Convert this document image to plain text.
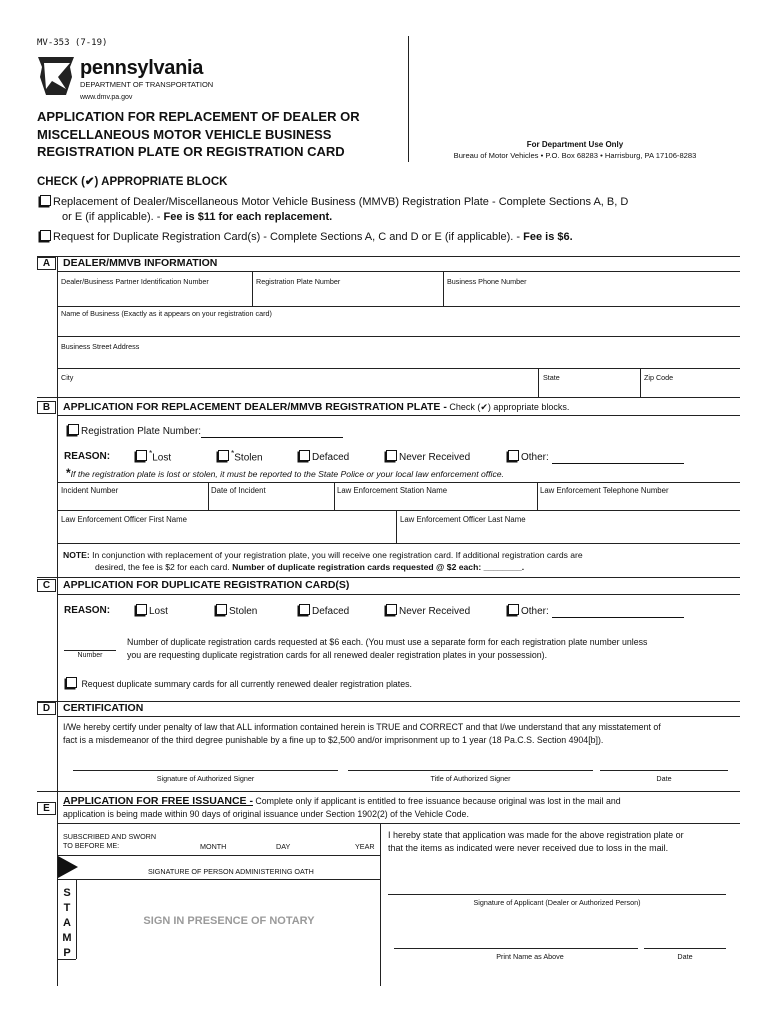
MV-353 (7-19)
pennsylvania
DEPARTMENT OF TRANSPORTATION
www.dmv.pa.gov
APPLICATION FOR REPLACEMENT OF DEALER OR
MISCELLANEOUS MOTOR VEHICLE BUSINESS
REGISTRATION PLATE OR REGISTRATION CARD	For Department Use Only
Bureau of Motor Vehicles • P.O. Box 68283 • Harrisburg, PA 17106-8283
CHECK (✔) APPROPRIATE BLOCK
Replacement of Dealer/Miscellaneous Motor Vehicle Business (MMVB) Registration Plate - Complete Sections A, B, D
or E (if applicable). - Fee is $11 for each replacement.
Request for Duplicate Registration Card(s) - Complete Sections A, C and D or E (if applicable). - Fee is $6.
A	DEALER/MMVB INFORMATION
Dealer/Business Partner Identification Number	Registration Plate Number	Business Phone Number
Name of Business (Exactly as it appears on your registration card)
Business Street Address
City	State	Zip Code
B	APPLICATION FOR REPLACEMENT DEALER/MMVB REGISTRATION PLATE - Check (✔) appropriate blocks.
Registration Plate Number:
REASON:	*Lost	*Stolen	Defaced	Never Received	Other:
*If the registration plate is lost or stolen, it must be reported to the State Police or your local law enforcement office.
Incident Number	Date of Incident	Law Enforcement Station Name	Law Enforcement Telephone Number
Law Enforcement Officer First Name	Law Enforcement Officer Last Name
NOTE: In conjunction with replacement of your registration plate, you will receive one registration card. If additional registration cards are
desired, the fee is $2 for each card. Number of duplicate registration cards requested @ $2 each: ________.
C	APPLICATION FOR DUPLICATE REGISTRATION CARD(S)
REASON:	Lost	Stolen	Defaced	Never Received	Other:
Number
Number of duplicate registration cards requested at $6 each. (You must use a separate form for each registration plate number unless
you are requesting duplicate registration cards for all renewed dealer registration plates in your possession).
Request duplicate summary cards for all currently renewed dealer registration plates.
D	CERTIFICATION
I/We hereby certify under penalty of law that ALL information contained herein is TRUE and CORRECT and that I/we understand that any misstatement of
fact is a misdemeanor of the third degree punishable by a fine up to $2,500 and/or imprisonment up to 1 year (18 Pa.C.S. Section 4904[b]).
Signature of Authorized Signer	Title of Authorized Signer	Date
E
APPLICATION FOR FREE ISSUANCE - Complete only if applicant is entitled to free issuance because original was lost in the mail and
application is being made within 90 days of original issuance under Section 1902(2) of the Vehicle Code.
SUBSCRIBED AND SWORN
TO BEFORE ME:	MONTH	DAY	YEAR
SIGNATURE OF PERSON ADMINISTERING OATH
S
T
A
M
P
SIGN IN PRESENCE OF NOTARY
I hereby state that application was made for the above registration plate or
that the items as indicated were never received due to loss in the mail.
Signature of Applicant (Dealer or Authorized Person)
Print Name as Above	Date
